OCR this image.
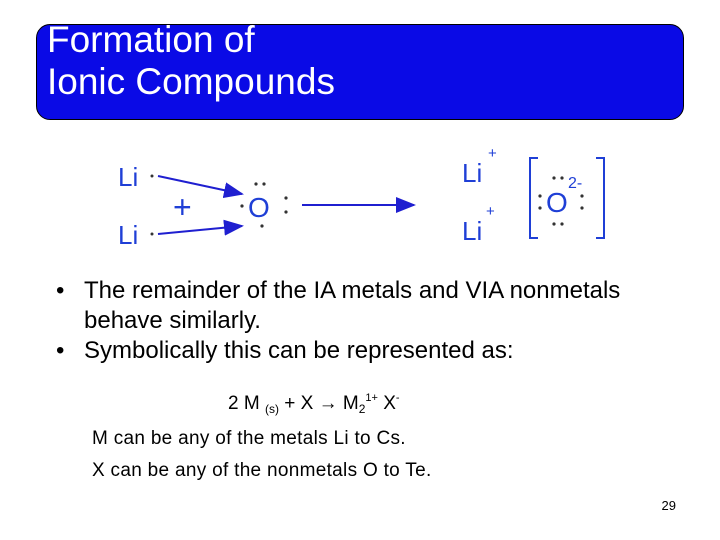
Formation of
Ionic Compounds
Li
Li
+ O
Li
+
Li
+ O
2-
• The remainder of the IA metals and VIA nonmetals behave similarly.
• Symbolically this can be represented as:
2 M $_{(s)} + X \to M_2^{1+}$ X-
M can be any of the metals Li to Cs.
X can be any of the nonmetals O to Te.
29
